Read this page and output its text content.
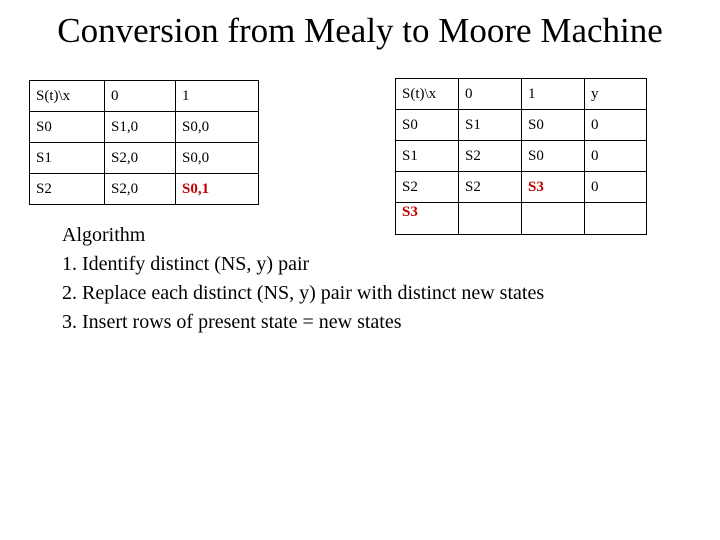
Conversion from Mealy to Moore Machine
S(t)\x	0	1
S0	S1,0	S0,0
S1	S2,0	S0,0
S2	S2,0	S0,1
S(t)\x	0	1	y
S0	S1	S0	0
S1	S2	S0	0
S2	S2	S3	0
S3			
Algorithm
1. Identify distinct (NS, y) pair
2. Replace each distinct (NS, y) pair with distinct new states
3. Insert rows of present state = new states
